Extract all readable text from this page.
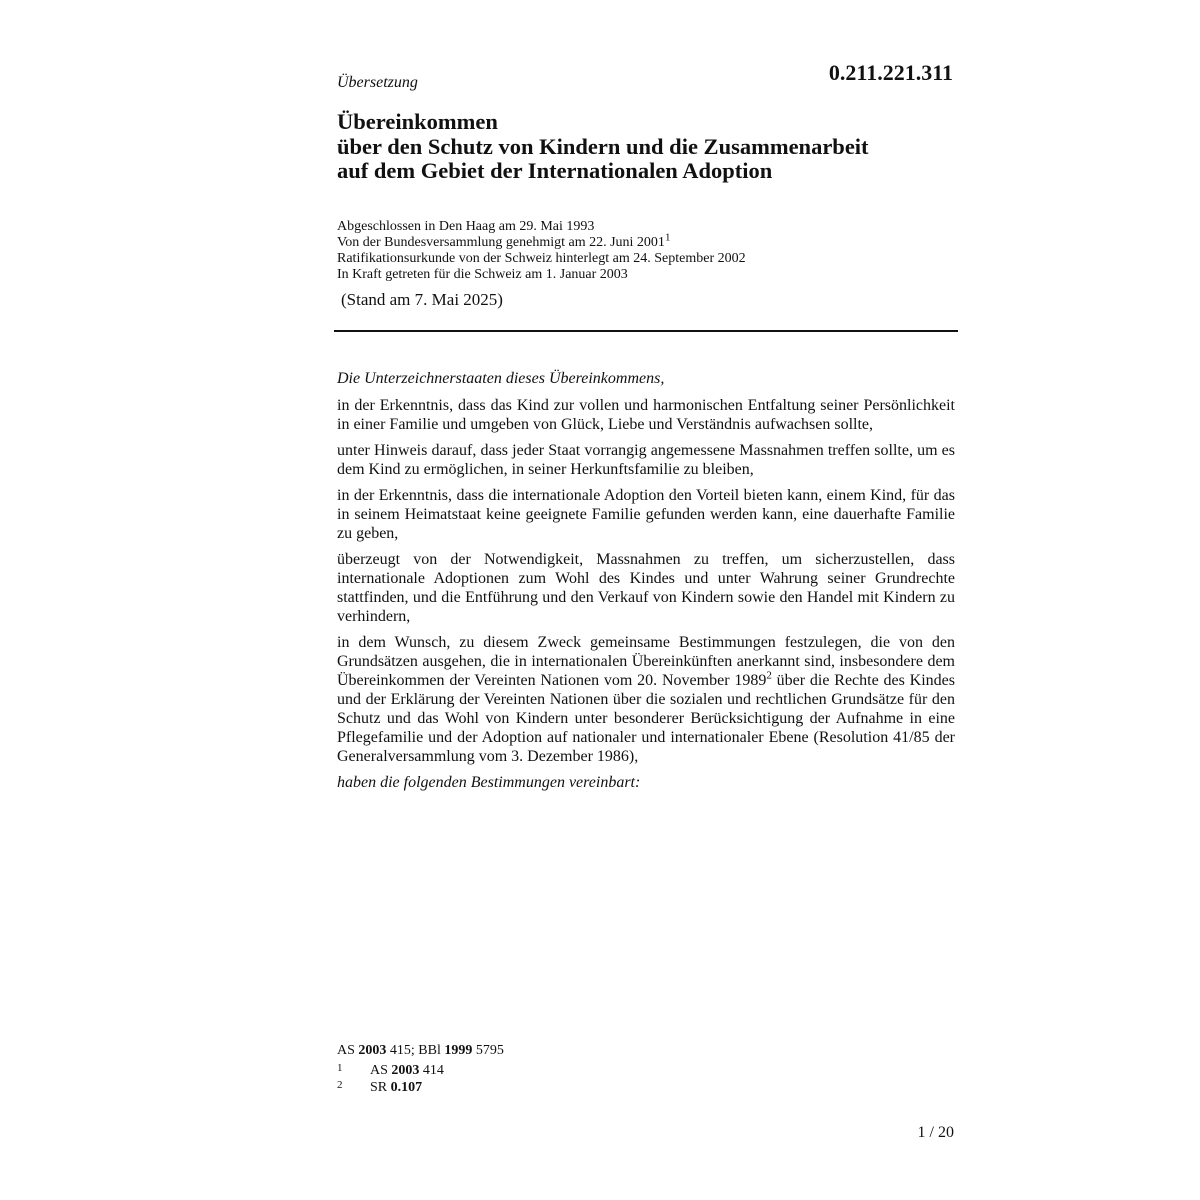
Übersetzung	0.211.221.311
Übereinkommen
über den Schutz von Kindern und die Zusammenarbeit
auf dem Gebiet der Internationalen Adoption
Abgeschlossen in Den Haag am 29. Mai 1993
Von der Bundesversammlung genehmigt am 22. Juni 2001$^1$
Ratifikationsurkunde von der Schweiz hinterlegt am 24. September 2002
In Kraft getreten für die Schweiz am 1. Januar 2003
(Stand am 7. Mai 2025)

Die Unterzeichnerstaaten dieses Übereinkommens,

in der Erkenntnis, dass das Kind zur vollen und harmonischen Entfaltung seiner Persönlichkeit in einer Familie und umgeben von Glück, Liebe und Verständnis aufwachsen sollte,

unter Hinweis darauf, dass jeder Staat vorrangig angemessene Massnahmen treffen sollte, um es dem Kind zu ermöglichen, in seiner Herkunftsfamilie zu bleiben,

in der Erkenntnis, dass die internationale Adoption den Vorteil bieten kann, einem Kind, für das in seinem Heimatstaat keine geeignete Familie gefunden werden kann, eine dauerhafte Familie zu geben,

überzeugt von der Notwendigkeit, Massnahmen zu treffen, um sicherzustellen, dass internationale Adoptionen zum Wohl des Kindes und unter Wahrung seiner Grundrechte stattfinden, und die Entführung und den Verkauf von Kindern sowie den Handel mit Kindern zu verhindern,

in dem Wunsch, zu diesem Zweck gemeinsame Bestimmungen festzulegen, die von den Grundsätzen ausgehen, die in internationalen Übereinkünften anerkannt sind, insbesondere dem Übereinkommen der Vereinten Nationen vom 20. November 1989$^2$ über die Rechte des Kindes und der Erklärung der Vereinten Nationen über die sozialen und rechtlichen Grundsätze für den Schutz und das Wohl von Kindern unter besonderer Berücksichtigung der Aufnahme in eine Pflegefamilie und der Adoption auf nationaler und internationaler Ebene (Resolution 41/85 der Generalversammlung vom 3. Dezember 1986),

haben die folgenden Bestimmungen vereinbart:

AS 2003 415; BBl 1999 5795
1 AS 2003 414
2 SR 0.107
1 / 20
